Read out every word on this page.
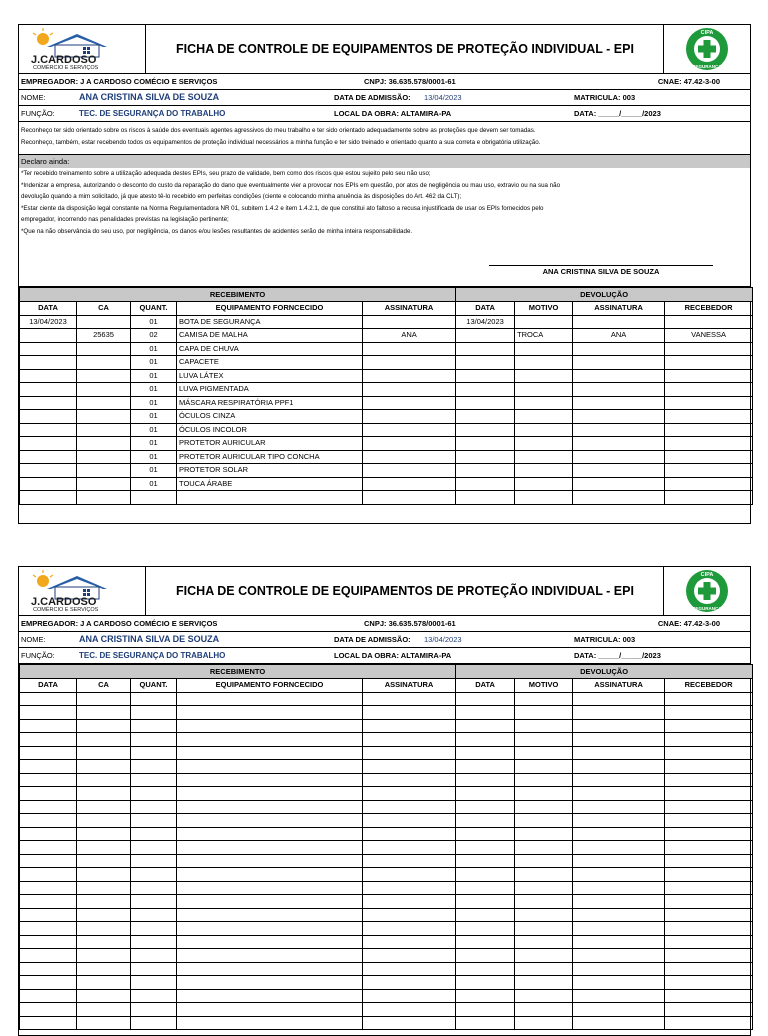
J.CARDOSO
COMÉRCIO E SERVIÇOS
FICHA DE CONTROLE DE EQUIPAMENTOS DE PROTEÇÃO INDIVIDUAL - EPI
CIPA
SEGURANÇA
EMPREGADOR: J A CARDOSO COMÉCIO E SERVIÇOS	CNPJ: 36.635.578/0001-61	CNAE: 47.42-3-00
NOME:	ANA CRISTINA SILVA DE SOUZA	DATA DE ADMISSÃO: 13/04/2023	MATRICULA: 003
FUNÇÃO:	TEC. DE SEGURANÇA DO TRABALHO	LOCAL DA OBRA: ALTAMIRA-PA	DATA: _____/_____/2023
Reconheço ter sido orientado sobre os riscos à saúde dos eventuais agentes agressivos do meu trabalho e ter sido orientado adequadamente sobre as proteções que devem ser tomadas.
Reconheço, também, estar recebendo todos os equipamentos de proteção individual necessários a minha função e ter sido treinado e orientado quanto a sua correta e obrigatória utilização.
Declaro ainda:
*Ter recebido treinamento sobre a utilização adequada destes EPIs, seu prazo de validade, bem como dos riscos que estou sujeito pelo seu não uso;
*Indenizar a empresa, autorizando o desconto do custo da reparação do dano que eventualmente vier a provocar nos EPIs em questão, por atos de negligência ou mau uso, extravio ou na sua não
devolução quando a mim solicitado, já que atesto tê-lo recebido em perfeitas condições (ciente e colocando minha anuência às disposições do Art. 462 da CLT);
*Estar ciente da disposição legal constante na Norma Regulamentadora NR 01, subitem 1.4.2 e item 1.4.2.1, de que constitui ato faltoso a recusa injustificada de usar os EPIs fornecidos pelo
empregador, incorrendo nas penalidades previstas na legislação pertinente;
*Que na não observância do seu uso, por negligência, os danos e/ou lesões resultantes de acidentes serão de minha inteira responsabilidade.
ANA CRISTINA SILVA DE SOUZA
RECEBIMENTO					DEVOLUÇÃO			
DATA	CA	QUANT.	EQUIPAMENTO FORNCECIDO	ASSINATURA	DATA	MOTIVO	ASSINATURA	RECEBEDOR
13/04/2023		01	BOTA DE SEGURANÇA		13/04/2023			
	25635	02	CAMISA DE MALHA	ANA		TROCA	ANA	VANESSA
		01	CAPA DE CHUVA					
		01	CAPACETE					
		01	LUVA LÁTEX					
		01	LUVA PIGMENTADA					
		01	MÁSCARA RESPIRATÓRIA PPF1					
		01	ÓCULOS CINZA					
		01	ÓCULOS INCOLOR					
		01	PROTETOR AURICULAR					
		01	PROTETOR AURICULAR TIPO CONCHA					
		01	PROTETOR SOLAR					
		01	TOUCA ÁRABE					

J.CARDOSO
COMÉRCIO E SERVIÇOS
FICHA DE CONTROLE DE EQUIPAMENTOS DE PROTEÇÃO INDIVIDUAL - EPI
CIPA
SEGURANÇA
EMPREGADOR: J A CARDOSO COMÉCIO E SERVIÇOS	CNPJ: 36.635.578/0001-61	CNAE: 47.42-3-00
NOME:	ANA CRISTINA SILVA DE SOUZA	DATA DE ADMISSÃO: 13/04/2023	MATRICULA: 003
FUNÇÃO:	TEC. DE SEGURANÇA DO TRABALHO	LOCAL DA OBRA: ALTAMIRA-PA	DATA: _____/_____/2023
RECEBIMENTO					DEVOLUÇÃO			
DATA	CA	QUANT.	EQUIPAMENTO FORNCECIDO	ASSINATURA	DATA	MOTIVO	ASSINATURA	RECEBEDOR
